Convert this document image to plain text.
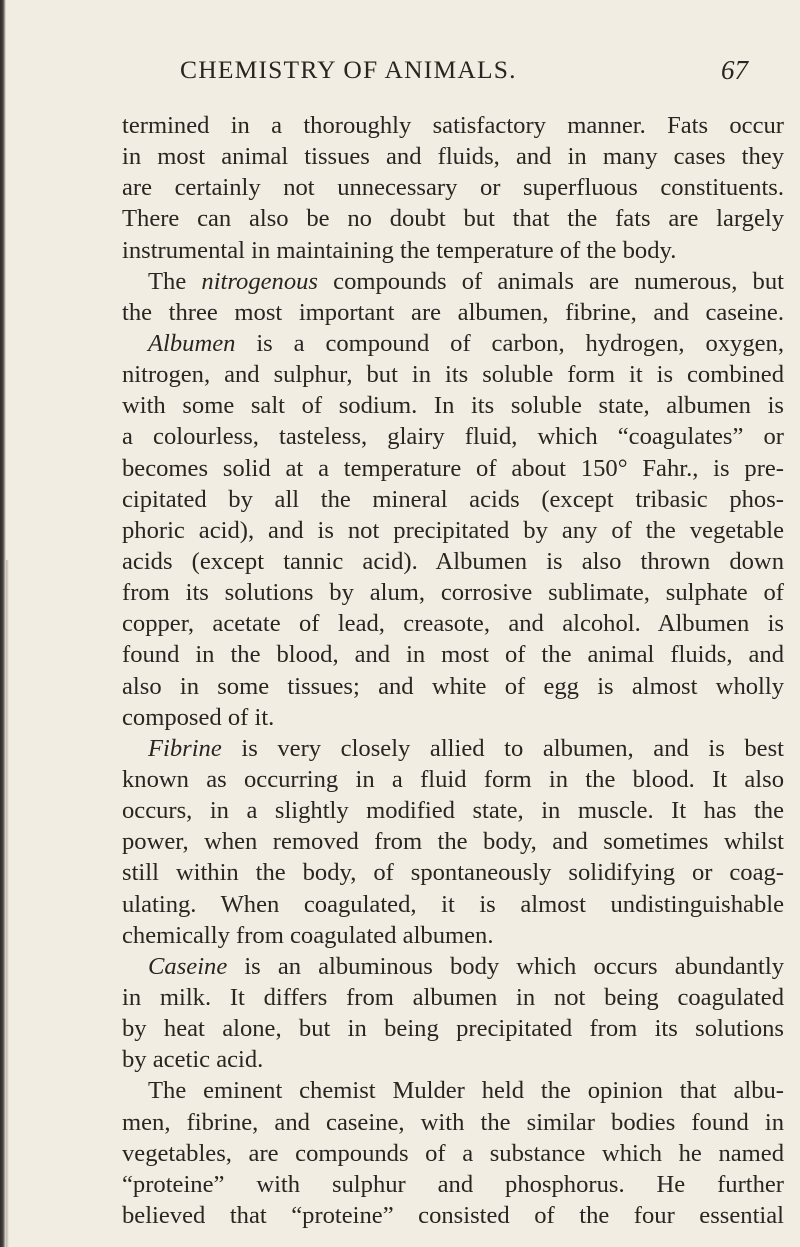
CHEMISTRY OF ANIMALS.	67
termined in a thoroughly satisfactory manner. Fats occur
in most animal tissues and fluids, and in many cases they
are certainly not unnecessary or superfluous constituents.
There can also be no doubt but that the fats are largely
instrumental in maintaining the temperature of the body.
The nitrogenous compounds of animals are numerous, but
the three most important are albumen, fibrine, and caseine.
Albumen is a compound of carbon, hydrogen, oxygen,
nitrogen, and sulphur, but in its soluble form it is combined
with some salt of sodium. In its soluble state, albumen is
a colourless, tasteless, glairy fluid, which “coagulates” or
becomes solid at a temperature of about 150° Fahr., is pre-
cipitated by all the mineral acids (except tribasic phos-
phoric acid), and is not precipitated by any of the vegetable
acids (except tannic acid). Albumen is also thrown down
from its solutions by alum, corrosive sublimate, sulphate of
copper, acetate of lead, creasote, and alcohol. Albumen is
found in the blood, and in most of the animal fluids, and
also in some tissues; and white of egg is almost wholly
composed of it.
Fibrine is very closely allied to albumen, and is best
known as occurring in a fluid form in the blood. It also
occurs, in a slightly modified state, in muscle. It has the
power, when removed from the body, and sometimes whilst
still within the body, of spontaneously solidifying or coag-
ulating. When coagulated, it is almost undistinguishable
chemically from coagulated albumen.
Caseine is an albuminous body which occurs abundantly
in milk. It differs from albumen in not being coagulated
by heat alone, but in being precipitated from its solutions
by acetic acid.
The eminent chemist Mulder held the opinion that albu-
men, fibrine, and caseine, with the similar bodies found in
vegetables, are compounds of a substance which he named
“proteine” with sulphur and phosphorus. He further
believed that “proteine” consisted of the four essential
